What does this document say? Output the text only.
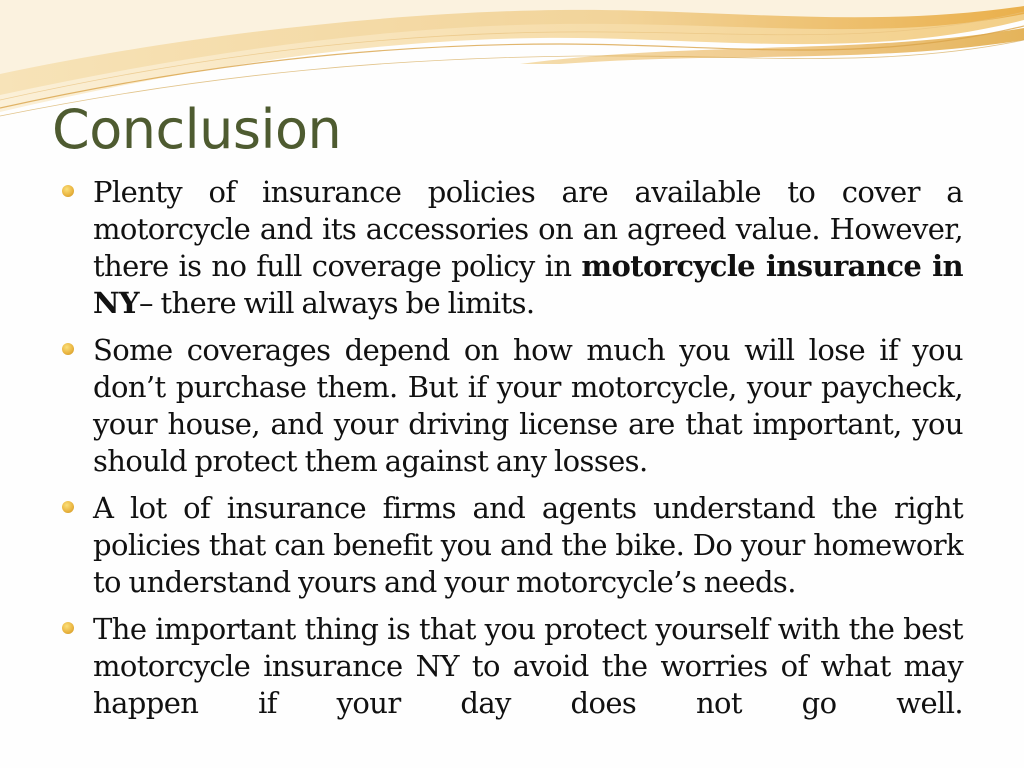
Conclusion
Plenty of insurance policies are available to cover a motorcycle and its accessories on an agreed value. However, there is no full coverage policy in motorcycle insurance in NY– there will always be limits.
Some coverages depend on how much you will lose if you don’t purchase them. But if your motorcycle, your paycheck, your house, and your driving license are that important, you should protect them against any losses.
A lot of insurance firms and agents understand the right policies that can benefit you and the bike. Do your homework to understand yours and your motorcycle’s needs.
The important thing is that you protect yourself with the best motorcycle insurance NY to avoid the worries of what may happen if your day does not go well.
